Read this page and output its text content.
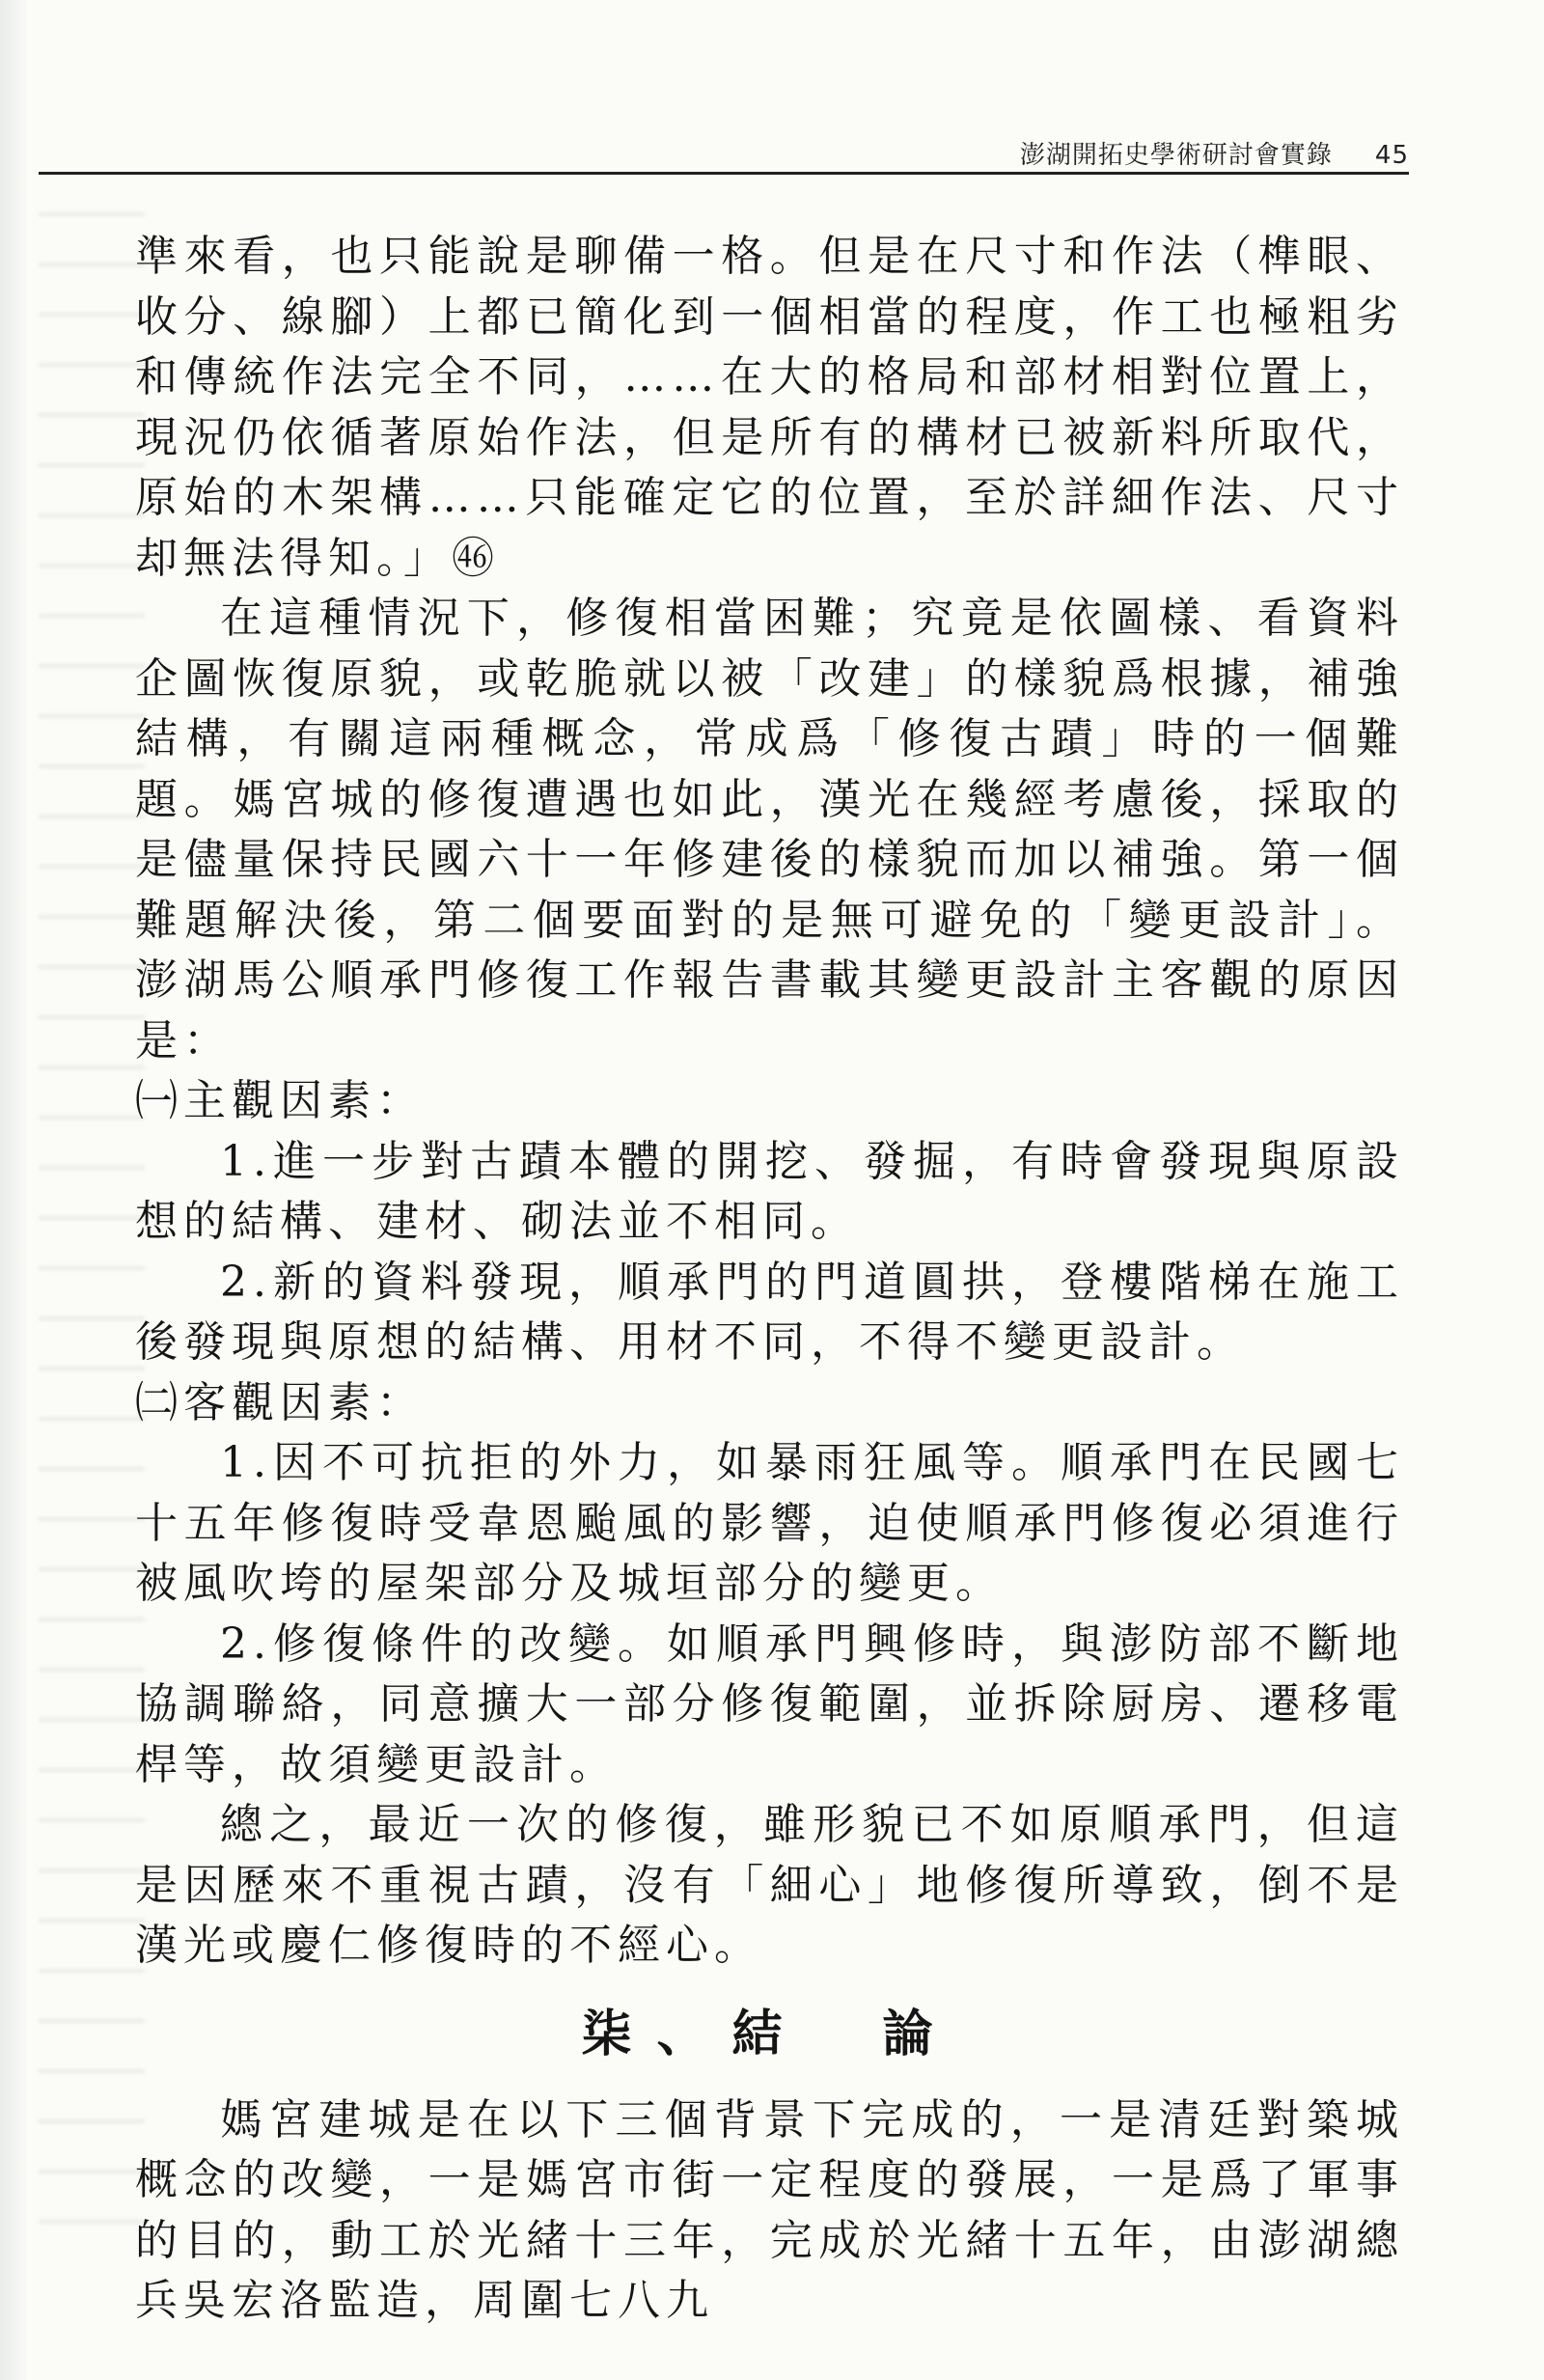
澎湖開拓史學術研討會實錄 45

準來看，也只能說是聊備一格。但是在尺寸和作法（榫眼、收分、線腳）上都已簡化到一個相當的程度，作工也極粗劣和傳統作法完全不同，……在大的格局和部材相對位置上，現況仍依循著原始作法，但是所有的構材已被新料所取代，原始的木架構……只能確定它的位置，至於詳細作法、尺寸却無法得知。」㊻

在這種情況下，修復相當困難；究竟是依圖樣、看資料企圖恢復原貌，或乾脆就以被「改建」的樣貌爲根據，補強結構，有關這兩種概念，常成爲「修復古蹟」時的一個難題。媽宮城的修復遭遇也如此，漢光在幾經考慮後，採取的是儘量保持民國六十一年修建後的樣貌而加以補強。第一個難題解決後，第二個要面對的是無可避免的「變更設計」。澎湖馬公順承門修復工作報告書載其變更設計主客觀的原因是：

㈠主觀因素：

1.進一步對古蹟本體的開挖、發掘，有時會發現與原設想的結構、建材、砌法並不相同。

2.新的資料發現，順承門的門道圓拱，登樓階梯在施工後發現與原想的結構、用材不同，不得不變更設計。

㈡客觀因素：

1.因不可抗拒的外力，如暴雨狂風等。順承門在民國七十五年修復時受韋恩颱風的影響，迫使順承門修復必須進行被風吹垮的屋架部分及城垣部分的變更。

2.修復條件的改變。如順承門興修時，與澎防部不斷地協調聯絡，同意擴大一部分修復範圍，並拆除厨房、遷移電桿等，故須變更設計。

總之，最近一次的修復，雖形貌已不如原順承門，但這是因歷來不重視古蹟，沒有「細心」地修復所導致，倒不是漢光或慶仁修復時的不經心。

柒、結　論

媽宮建城是在以下三個背景下完成的，一是清廷對築城概念的改變，一是媽宮市街一定程度的發展，一是爲了軍事的目的，動工於光緒十三年，完成於光緒十五年，由澎湖總兵吳宏洛監造，周圍七八九
